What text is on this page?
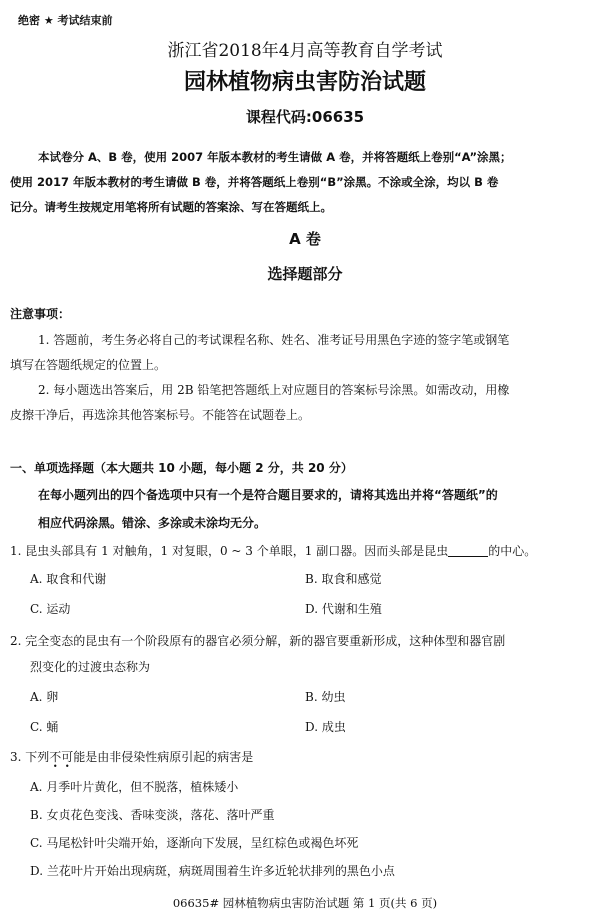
绝密 ★ 考试结束前
浙江省2018年4月高等教育自学考试
园林植物病虫害防治试题
课程代码:06635
本试卷分 A、B 卷，使用 2007 年版本教材的考生请做 A 卷，并将答题纸上卷别“A”涂黑；
使用 2017 年版本教材的考生请做 B 卷，并将答题纸上卷别“B”涂黑。不涂或全涂，均以 B 卷
记分。请考生按规定用笔将所有试题的答案涂、写在答题纸上。
A 卷
选择题部分
注意事项：
1. 答题前，考生务必将自己的考试课程名称、姓名、准考证号用黑色字迹的签字笔或钢笔
填写在答题纸规定的位置上。
2. 每小题选出答案后，用 2B 铅笔把答题纸上对应题目的答案标号涂黑。如需改动，用橡
皮擦干净后，再选涂其他答案标号。不能答在试题卷上。
一、单项选择题（本大题共 10 小题，每小题 2 分，共 20 分）
在每小题列出的四个备选项中只有一个是符合题目要求的，请将其选出并将“答题纸”的
相应代码涂黑。错涂、多涂或未涂均无分。
1. 昆虫头部具有 1 对触角，1 对复眼，0 ~ 3 个单眼，1 副口器。因而头部是昆虫	的中心。
A. 取食和代谢	B. 取食和感觉
C. 运动	D. 代谢和生殖
2. 完全变态的昆虫有一个阶段原有的器官必须分解，新的器官要重新形成，这种体型和器官剧
烈变化的过渡虫态称为
A. 卵	B. 幼虫
C. 蛹	D. 成虫
3. 下列不可能是由非侵染性病原引起的病害是
A. 月季叶片黄化，但不脱落，植株矮小
B. 女贞花色变浅、香味变淡，落花、落叶严重
C. 马尾松针叶尖端开始，逐渐向下发展，呈红棕色或褐色坏死
D. 兰花叶片开始出现病斑，病斑周围着生许多近轮状排列的黑色小点
06635# 园林植物病虫害防治试题 第 1 页(共 6 页)
